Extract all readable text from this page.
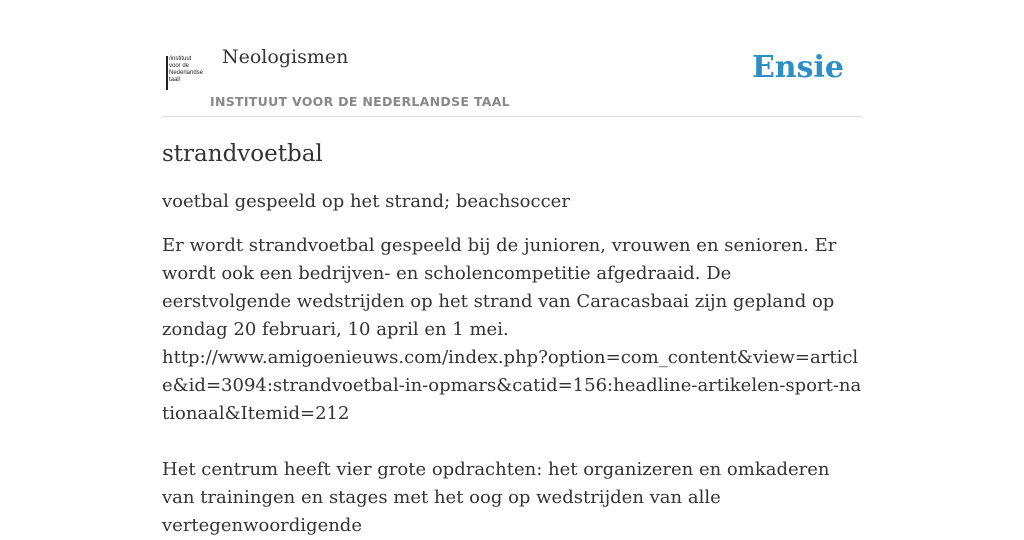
/instituut
voor de
Nederlandse
taal/
Neologismen
INSTITUUT VOOR DE NEDERLANDSE TAAL
Ensie
strandvoetbal

voetbal gespeeld op het strand; beachsoccer

Er wordt strandvoetbal gespeeld bij de junioren, vrouwen en senioren. Er wordt ook een bedrijven- en scholencompetitie afgedraaid. De eerstvolgende wedstrijden op het strand van Caracasbaai zijn gepland op zondag 20 februari, 10 april en 1 mei.
http://www.amigoenieuws.com/index.php?option=com_content&view=article&id=3094:strandvoetbal-in-opmars&catid=156:headline-artikelen-sport-nationaal&Itemid=212
Het centrum heeft vier grote opdrachten: het organizeren en omkaderen van trainingen en stages met het oog op wedstrijden van alle vertegenwoordigende
